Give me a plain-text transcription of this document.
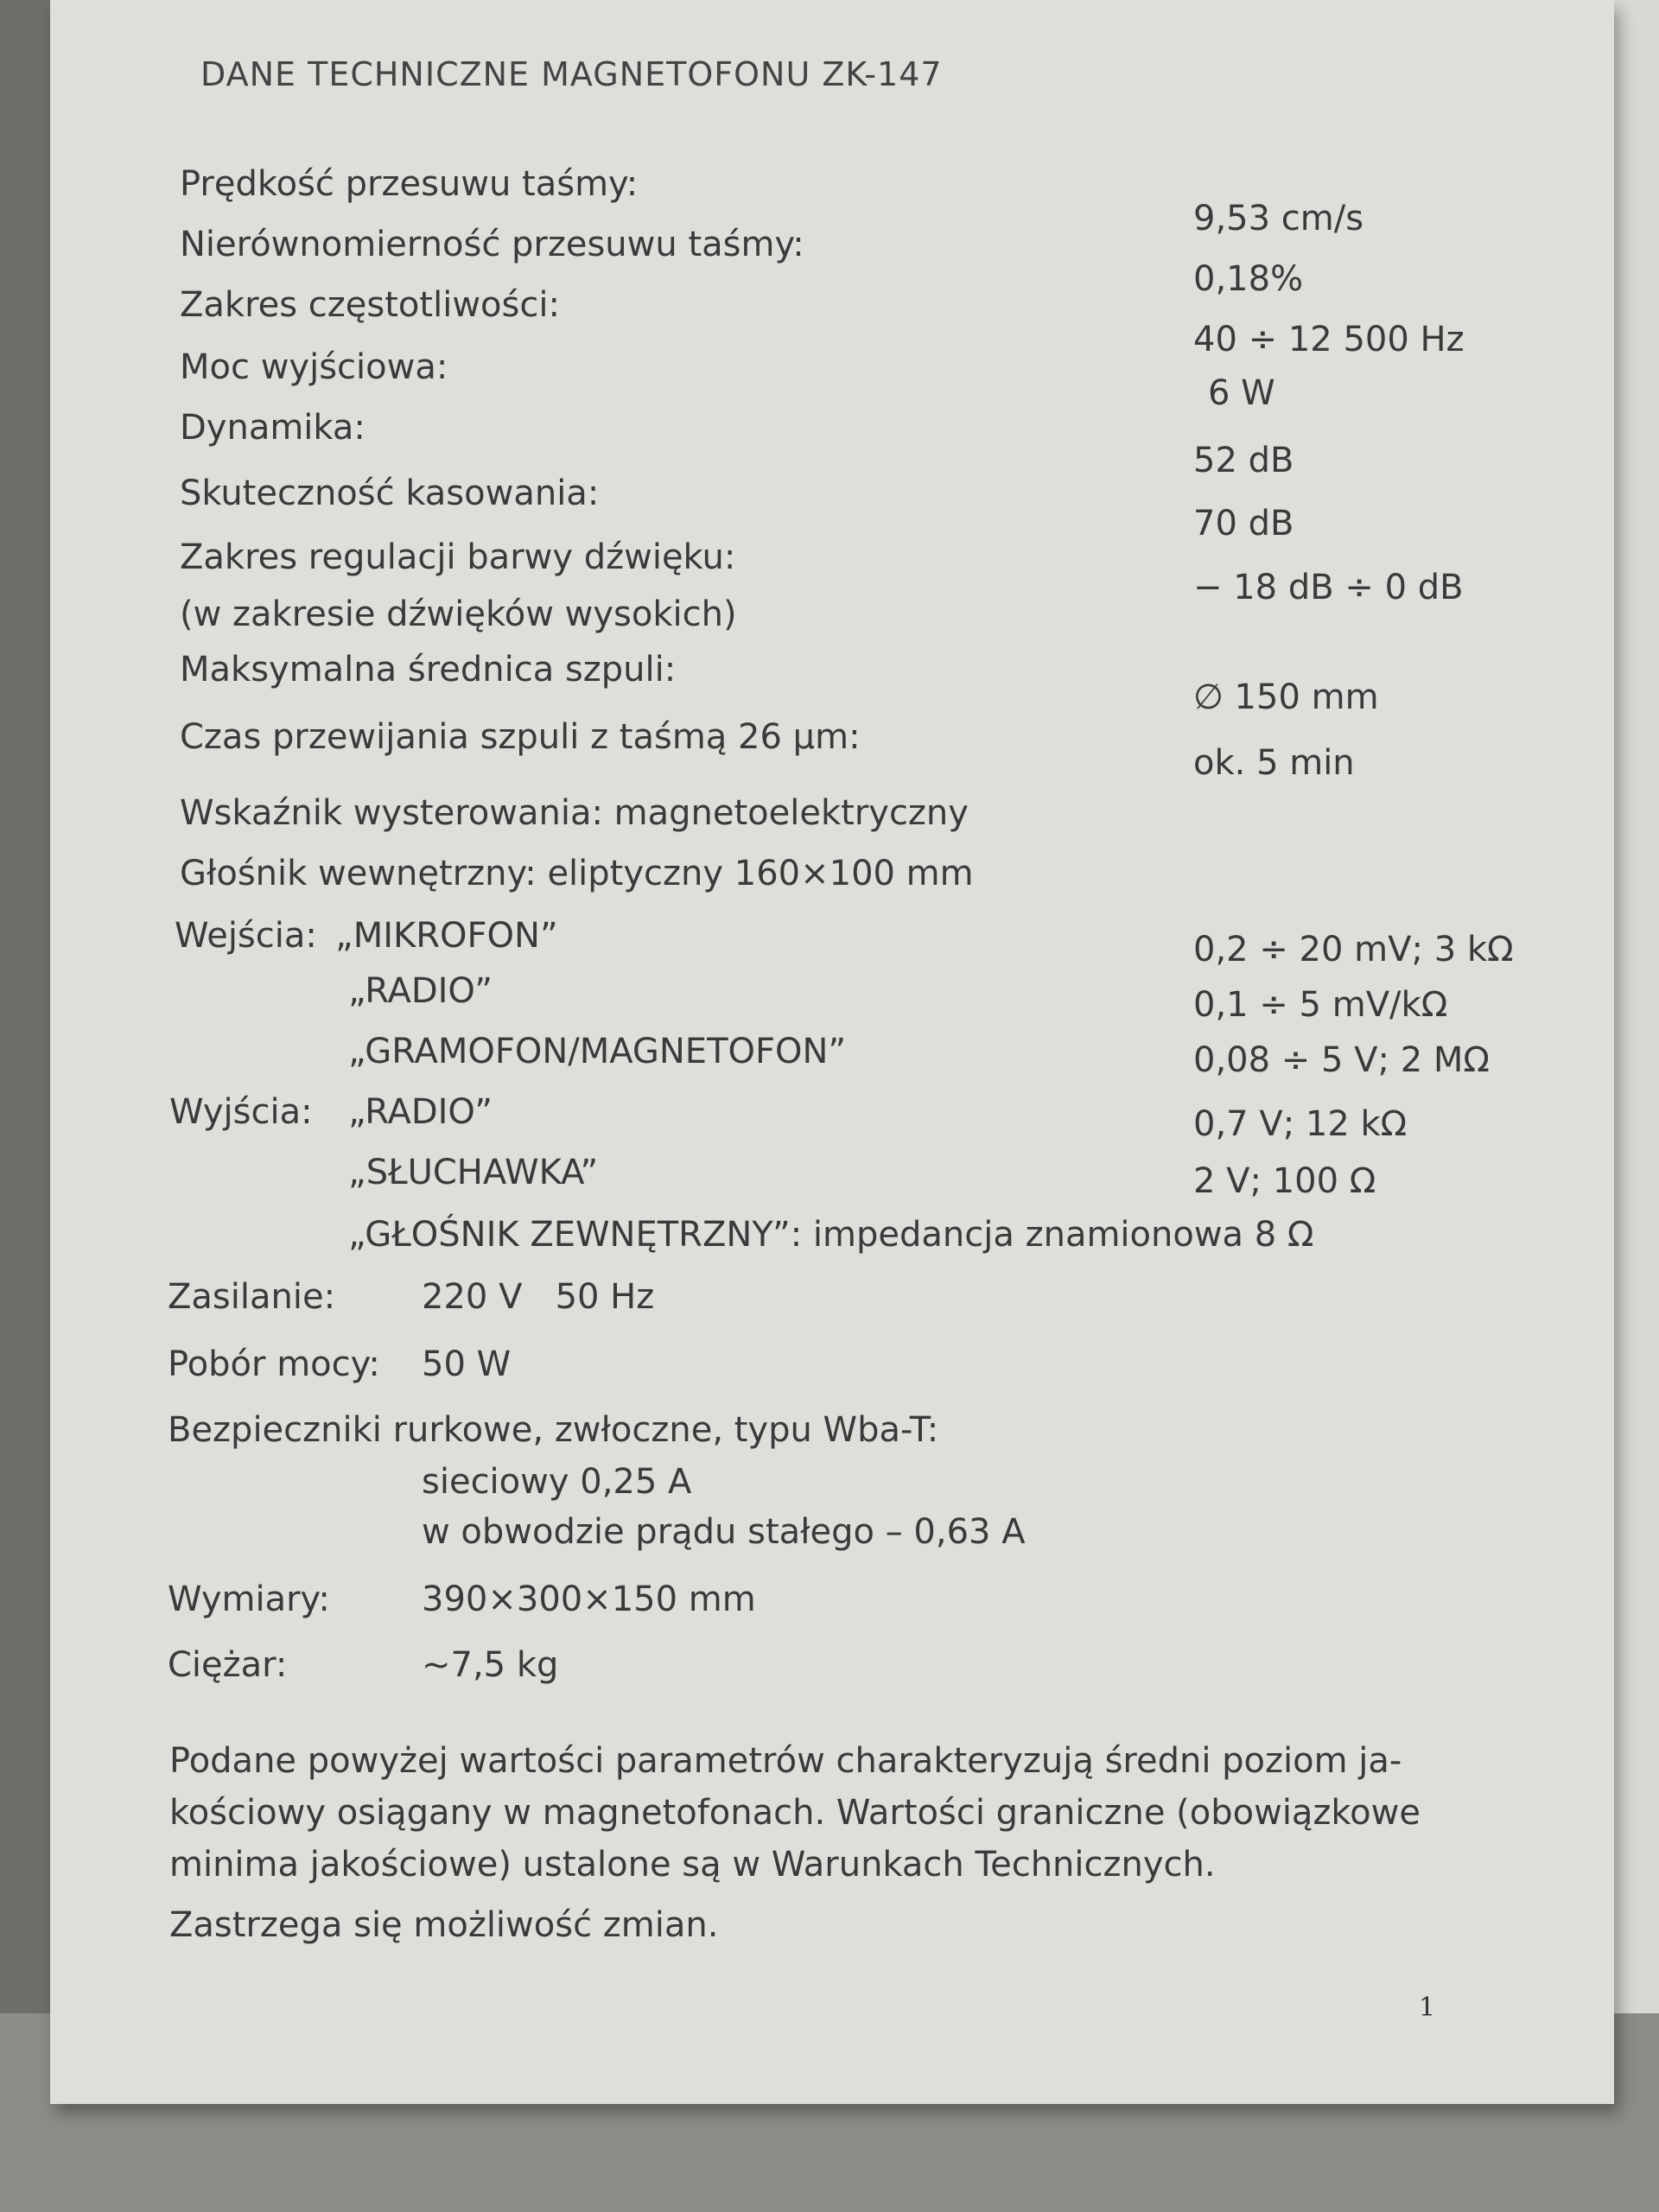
DANE TECHNICZNE MAGNETOFONU ZK-147
Prędkość przesuwu taśmy:
9,53 cm/s
Nierównomierność przesuwu taśmy:
0,18%
Zakres częstotliwości:
40 ÷ 12 500 Hz
Moc wyjściowa:
6 W
Dynamika:
52 dB
Skuteczność kasowania:
70 dB
Zakres regulacji barwy dźwięku:
(w zakresie dźwięków wysokich)
− 18 dB ÷ 0 dB
Maksymalna średnica szpuli:
∅ 150 mm
Czas przewijania szpuli z taśmą 26 µm:
ok. 5 min
Wskaźnik wysterowania: magnetoelektryczny
Głośnik wewnętrzny: eliptyczny 160×100 mm
Wejścia: „MIKROFON”	0,2 ÷ 20 mV; 3 kΩ
„RADIO”	0,1 ÷ 5 mV/kΩ
„GRAMOFON/MAGNETOFON”	0,08 ÷ 5 V; 2 MΩ
Wyjścia: „RADIO”	0,7 V; 12 kΩ
„SŁUCHAWKA”	2 V; 100 Ω
„GŁOŚNIK ZEWNĘTRZNY”: impedancja znamionowa 8 Ω
Zasilanie: 220 V   50 Hz
Pobór mocy: 50 W
Bezpieczniki rurkowe, zwłoczne, typu Wba-T:
sieciowy 0,25 A
w obwodzie prądu stałego – 0,63 A
Wymiary:	390×300×150 mm
Ciężar:	~7,5 kg
Podane powyżej wartości parametrów charakteryzują średni poziom ja-
kościowy osiągany w magnetofonach. Wartości graniczne (obowiązkowe
minima jakościowe) ustalone są w Warunkach Technicznych.
Zastrzega się możliwość zmian.
1
